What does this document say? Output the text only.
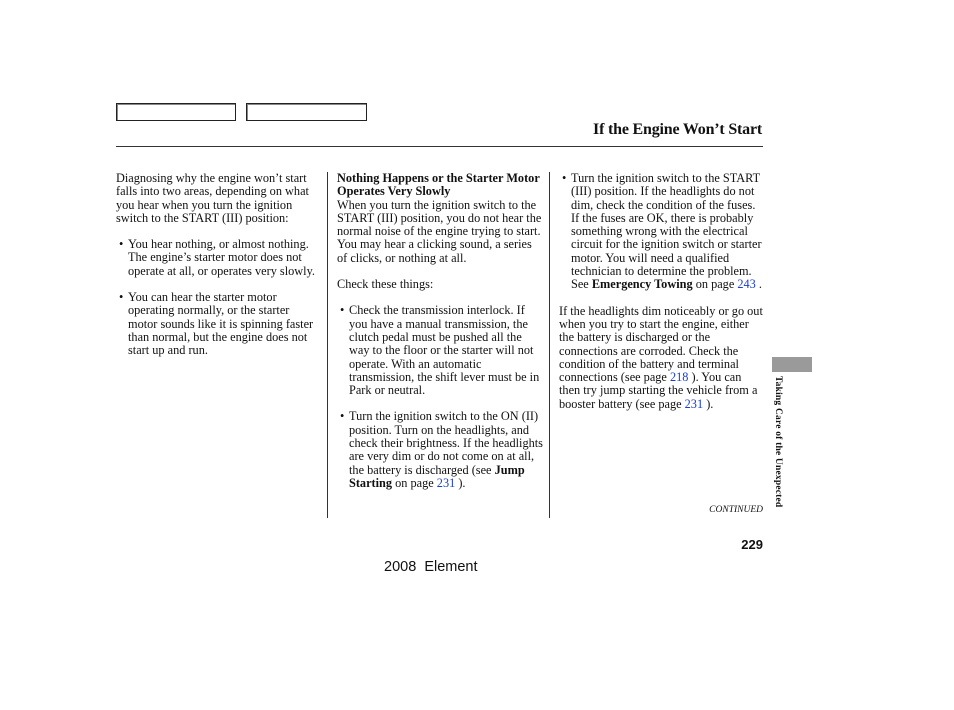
If the Engine Won’t Start

Diagnosing why the engine won’t start falls into two areas, depending on what you hear when you turn the ignition switch to the START (III) position:

• You hear nothing, or almost nothing. The engine’s starter motor does not operate at all, or operates very slowly.

• You can hear the starter motor operating normally, or the starter motor sounds like it is spinning faster than normal, but the engine does not start up and run.

Nothing Happens or the Starter Motor Operates Very Slowly

When you turn the ignition switch to the START (III) position, you do not hear the normal noise of the engine trying to start. You may hear a clicking sound, a series of clicks, or nothing at all.

Check these things:

• Check the transmission interlock. If you have a manual transmission, the clutch pedal must be pushed all the way to the floor or the starter will not operate. With an automatic transmission, the shift lever must be in Park or neutral.

• Turn the ignition switch to the ON (II) position. Turn on the headlights, and check their brightness. If the headlights are very dim or do not come on at all, the battery is discharged (see Jump Starting on page 231 ).

• Turn the ignition switch to the START (III) position. If the headlights do not dim, check the condition of the fuses. If the fuses are OK, there is probably something wrong with the electrical circuit for the ignition switch or starter motor. You will need a qualified technician to determine the problem. See Emergency Towing on page 243 .

If the headlights dim noticeably or go out when you try to start the engine, either the battery is discharged or the connections are corroded. Check the condition of the battery and terminal connections (see page 218 ). You can then try jump starting the vehicle from a booster battery (see page 231 ).	Taking Care of the Unexpected
CONTINUED
229
2008  Element
